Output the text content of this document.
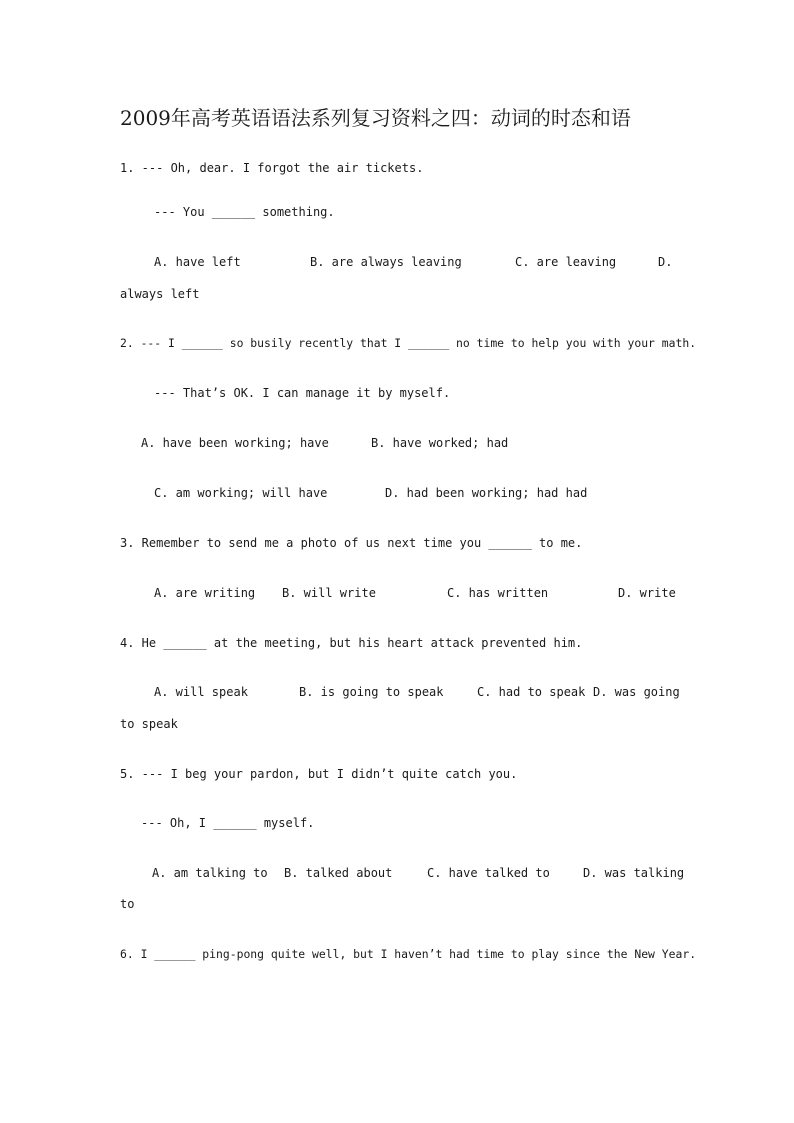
2009年高考英语语法系列复习资料之四：动词的时态和语
1. --- Oh, dear. I forgot the air tickets.
--- You ______ something.
A. have left	B. are always leaving	C. are leaving	D.
always left
2. --- I ______ so busily recently that I ______ no time to help you with your math.
--- That’s OK. I can manage it by myself.
A. have been working; have	B. have worked; had
C. am working; will have	D. had been working; had had
3. Remember to send me a photo of us next time you ______ to me.
A. are writing B. will write	C. has written	D. write
4. He ______ at the meeting, but his heart attack prevented him.
A. will speak	B. is going to speak	C. had to speak D. was going
to speak
5. --- I beg your pardon, but I didn’t quite catch you.
--- Oh, I ______ myself.
A. am talking to B. talked about	C. have talked to	D. was talking
to
6. I ______ ping-pong quite well, but I haven’t had time to play since the New Year.
